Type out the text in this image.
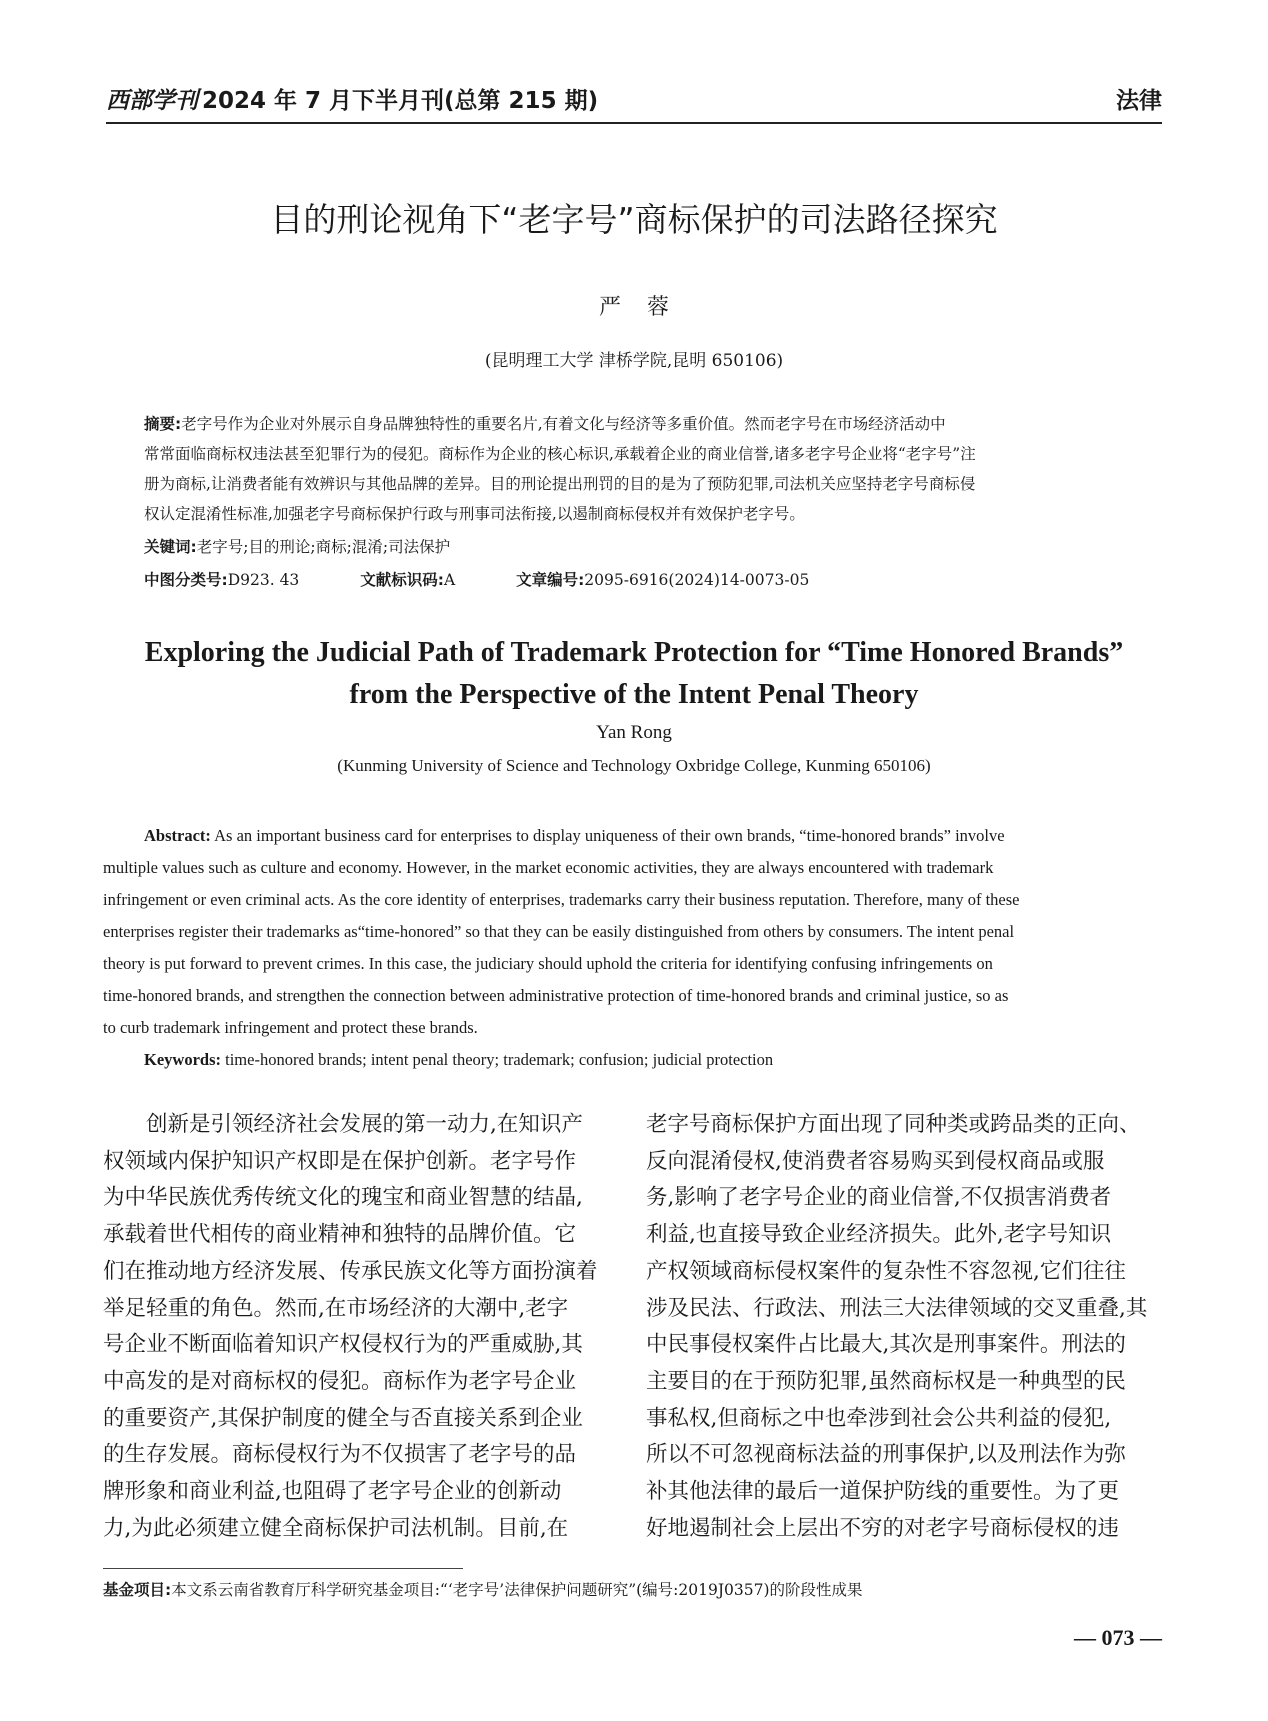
西部学刊 2024 年 7 月下半月刊(总第 215 期)	法律
目的刑论视角下“老字号”商标保护的司法路径探究
严蓉
(昆明理工大学 津桥学院,昆明 650106)
摘要:老字号作为企业对外展示自身品牌独特性的重要名片,有着文化与经济等多重价值。然而老字号在市场经济活动中
常常面临商标权违法甚至犯罪行为的侵犯。商标作为企业的核心标识,承载着企业的商业信誉,诸多老字号企业将“老字号”注
册为商标,让消费者能有效辨识与其他品牌的差异。目的刑论提出刑罚的目的是为了预防犯罪,司法机关应坚持老字号商标侵
权认定混淆性标准,加强老字号商标保护行政与刑事司法衔接,以遏制商标侵权并有效保护老字号。
关键词:老字号;目的刑论;商标;混淆;司法保护
中图分类号:D923. 43	文献标识码:A	文章编号:2095-6916(2024)14-0073-05
Exploring the Judicial Path of Trademark Protection for “Time Honored Brands”
from the Perspective of the Intent Penal Theory
Yan Rong
(Kunming University of Science and Technology Oxbridge College, Kunming 650106)
Abstract: As an important business card for enterprises to display uniqueness of their own brands, “time-honored brands” involve
multiple values such as culture and economy. However, in the market economic activities, they are always encountered with trademark
infringement or even criminal acts. As the core identity of enterprises, trademarks carry their business reputation. Therefore, many of these
enterprises register their trademarks as“time-honored” so that they can be easily distinguished from others by consumers. The intent penal
theory is put forward to prevent crimes. In this case, the judiciary should uphold the criteria for identifying confusing infringements on
time-honored brands, and strengthen the connection between administrative protection of time-honored brands and criminal justice, so as
to curb trademark infringement and protect these brands.
Keywords: time-honored brands; intent penal theory; trademark; confusion; judicial protection
　　创新是引领经济社会发展的第一动力,在知识产
权领域内保护知识产权即是在保护创新。老字号作
为中华民族优秀传统文化的瑰宝和商业智慧的结晶,
承载着世代相传的商业精神和独特的品牌价值。它
们在推动地方经济发展、传承民族文化等方面扮演着
举足轻重的角色。然而,在市场经济的大潮中,老字
号企业不断面临着知识产权侵权行为的严重威胁,其
中高发的是对商标权的侵犯。商标作为老字号企业
的重要资产,其保护制度的健全与否直接关系到企业
的生存发展。商标侵权行为不仅损害了老字号的品
牌形象和商业利益,也阻碍了老字号企业的创新动
力,为此必须建立健全商标保护司法机制。目前,在
老字号商标保护方面出现了同种类或跨品类的正向、
反向混淆侵权,使消费者容易购买到侵权商品或服
务,影响了老字号企业的商业信誉,不仅损害消费者
利益,也直接导致企业经济损失。此外,老字号知识
产权领域商标侵权案件的复杂性不容忽视,它们往往
涉及民法、行政法、刑法三大法律领域的交叉重叠,其
中民事侵权案件占比最大,其次是刑事案件。刑法的
主要目的在于预防犯罪,虽然商标权是一种典型的民
事私权,但商标之中也牵涉到社会公共利益的侵犯,
所以不可忽视商标法益的刑事保护,以及刑法作为弥
补其他法律的最后一道保护防线的重要性。为了更
好地遏制社会上层出不穷的对老字号商标侵权的违
基金项目:本文系云南省教育厅科学研究基金项目:“‘老字号’法律保护问题研究”(编号:2019J0357)的阶段性成果
— 073 —
